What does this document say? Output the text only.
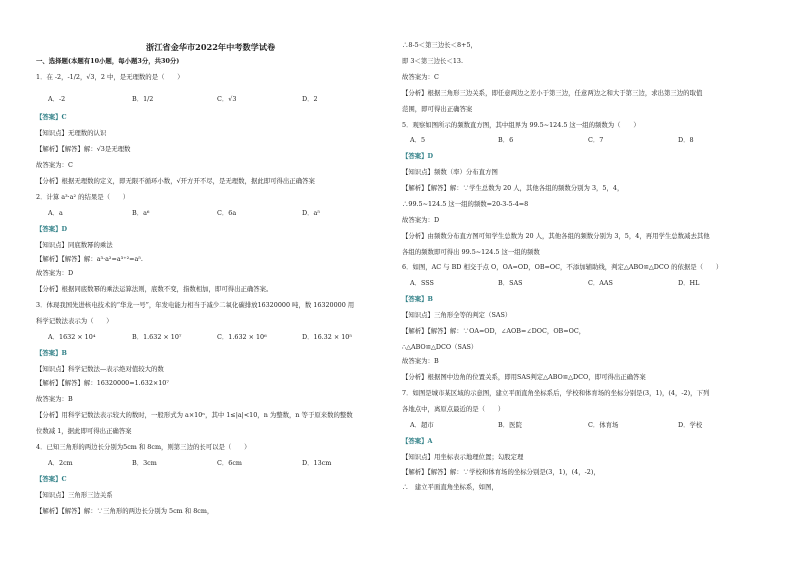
浙江省金华市2022年中考数学试卷
一、选择题(本题有10小题，每小题3分，共30分)
1．在 -2，-1/2，√3，2 中，是无理数的是（　　）
A．-2	B．1/2	C．√3	D．2
【答案】C
【知识点】无理数的认识
【解析】【解答】解：√3是无理数
故答案为：C
【分析】根据无理数的定义，即无限不循环小数，√开方开不尽，是无理数，据此即可得出正确答案
2．计算 a³·a² 的结果是（　　）
A．a	B．a⁶	C．6a	D．a⁵
【答案】D
【知识点】同底数幂的乘法
【解析】【解答】解：a³·a²=a³⁺²=a⁵.
故答案为：D
【分析】根据同底数幂的乘法运算法则，底数不变，指数相加，即可得出正确答案。
3．体现我国先进核电技术的“华龙一号”，年发电能力相当于减少二氧化碳排放16320000 吨，数 16320000 用
科学记数法表示为（　　）
A．1632 × 10⁴	B．1.632 × 10⁷	C．1.632 × 10⁶	D．16.32 × 10⁵
【答案】B
【知识点】科学记数法—表示绝对值较大的数
【解析】【解答】解：16320000=1.632×10⁷
故答案为：B
【分析】用科学记数法表示较大的数时，一般形式为 a×10ⁿ，其中 1≤|a|<10，n 为整数，n 等于原来数的整数
位数减 1，据此即可得出正确答案
4．已知三角形的两边长分别为5cm 和 8cm，则第三边的长可以是（　　）
A．2cm	B．3cm	C．6cm	D．13cm
【答案】C
【知识点】三角形三边关系
【解析】【解答】解：∵三角形的两边长分别为 5cm 和 8cm，
∴8-5＜第三边长＜8+5，
即 3＜第三边长＜13.
故答案为：C
【分析】根据三角形三边关系，即任意两边之差小于第三边，任意两边之和大于第三边，求出第三边的取值
范围，即可得出正确答案
5．观察如图所示的频数直方图，其中组界为 99.5~124.5 这一组的频数为（　　）
A．5	B．6	C．7	D．8
【答案】D
【知识点】频数（率）分布直方图
【解析】【解答】解：∵学生总数为 20 人，其他各组的频数分别为 3，5，4，
∴99.5~124.5 这一组的频数=20-3-5-4=8
故答案为：D
【分析】由频数分布直方图可知学生总数为 20 人，其他各组的频数分别为 3，5，4，再用学生总数减去其他
各组的频数即可得出 99.5~124.5 这一组的频数
6．如图，AC 与 BD 相交于点 O，OA=OD，OB=OC，不添加辅助线，判定△ABO≌△DCO 的依据是（　　）
A．SSS	B．SAS	C．AAS	D．HL
【答案】B
【知识点】三角形全等的判定（SAS）
【解析】【解答】解：∵OA=OD，∠AOB=∠DOC，OB=OC，
∴△ABO≌△DCO（SAS）
故答案为：B
【分析】根据图中边角的位置关系，即用SAS判定△ABO≌△DCO，即可得出正确答案
7．如图是城市某区域的示意图，建立平面直角坐标系后，学校和体育场的坐标分别是(3，1)，(4，-2)，下列
各地点中，离原点最近的是（　　）
A．超市	B．医院	C．体育场	D．学校
【答案】A
【知识点】用坐标表示地理位置；勾股定理
【解析】【解答】解：∵学校和体育场的坐标分别是(3，1)，(4，-2)，
∴　建立平面直角坐标系，如图，
